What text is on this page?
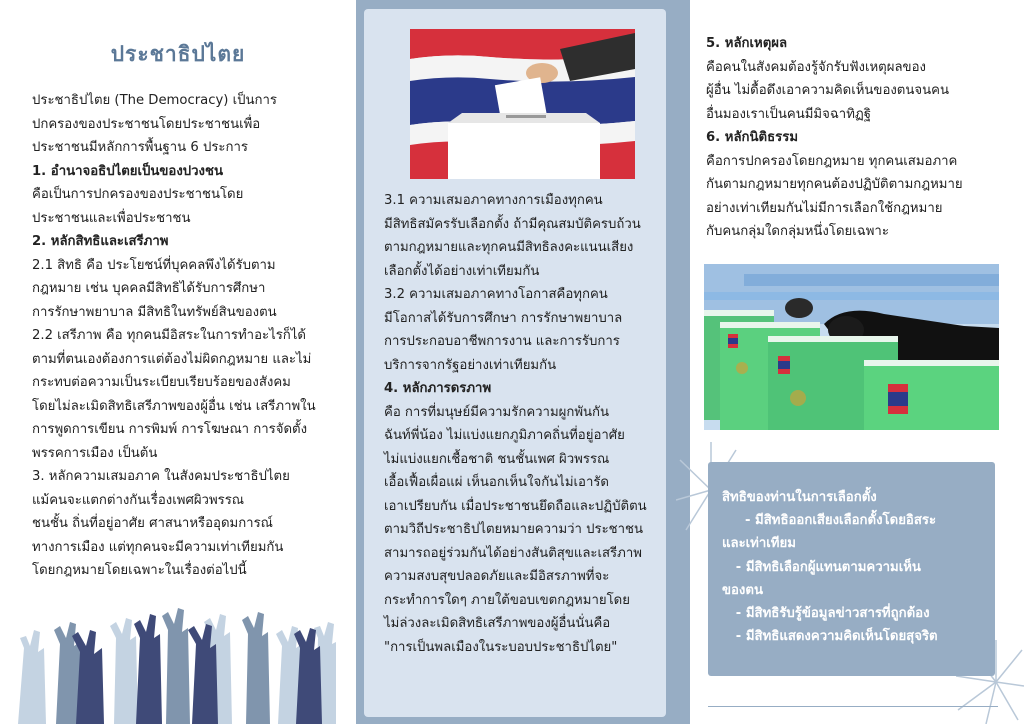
ประชาธิปไตย
ประชาธิปไตย (The Democracy) เป็นการ
ปกครองของประชาชนโดยประชาชนเพื่อ
ประชาชนมีหลักการพื้นฐาน 6 ประการ
1. อำนาจอธิปไตยเป็นของปวงชน
คือเป็นการปกครองของประชาชนโดย
ประชาชนและเพื่อประชาชน
2. หลักสิทธิและเสรีภาพ
2.1 สิทธิ คือ ประโยชน์ที่บุคคลพึงได้รับตาม
กฎหมาย เช่น บุคคลมีสิทธิได้รับการศึกษา
การรักษาพยาบาล มีสิทธิในทรัพย์สินของตน
2.2 เสรีภาพ คือ ทุกคนมีอิสระในการทำอะไรก็ได้
ตามที่ตนเองต้องการแต่ต้องไม่ผิดกฎหมาย และไม่
กระทบต่อความเป็นระเบียบเรียบร้อยของสังคม
โดยไม่ละเมิดสิทธิเสรีภาพของผู้อื่น เช่น เสรีภาพใน
การพูดการเขียน การพิมพ์ การโฆษณา การจัดตั้ง
พรรคการเมือง เป็นต้น
3. หลักความเสมอภาค ในสังคมประชาธิปไตย
แม้คนจะแตกต่างกันเรื่องเพศผิวพรรณ
ชนชั้น ถิ่นที่อยู่อาศัย ศาสนาหรืออุดมการณ์
ทางการเมือง แต่ทุกคนจะมีความเท่าเทียมกัน
โดยกฎหมายโดยเฉพาะในเรื่องต่อไปนี้
3.1 ความเสมอภาคทางการเมืองทุกคน
มีสิทธิสมัครรับเลือกตั้ง ถ้ามีคุณสมบัติครบถ้วน
ตามกฎหมายและทุกคนมีสิทธิลงคะแนนเสียง
เลือกตั้งได้อย่างเท่าเทียมกัน
3.2 ความเสมอภาคทางโอกาสคือทุกคน
มีโอกาสได้รับการศึกษา การรักษาพยาบาล
การประกอบอาชีพการงาน และการรับการ
บริการจากรัฐอย่างเท่าเทียมกัน
4. หลักภารดรภาพ
คือ การที่มนุษย์มีความรักความผูกพันกัน
ฉันท์พี่น้อง ไม่แบ่งแยกภูมิภาคถิ่นที่อยู่อาศัย
ไม่แบ่งแยกเชื้อชาติ ชนชั้นเพศ ผิวพรรณ
เอื้อเฟื้อเผื่อแผ่ เห็นอกเห็นใจกันไม่เอารัด
เอาเปรียบกัน เมื่อประชาชนยึดถือและปฏิบัติตน
ตามวิถีประชาธิปไตยหมายความว่า ประชาชน
สามารถอยู่ร่วมกันได้อย่างสันติสุขและเสรีภาพ
ความสงบสุขปลอดภัยและมีอิสรภาพที่จะ
กระทำการใดๆ ภายใต้ขอบเขตกฎหมายโดย
ไม่ล่วงละเมิดสิทธิเสรีภาพของผู้อื่นนั่นคือ
"การเป็นพลเมืองในระบอบประชาธิปไตย"
5. หลักเหตุผล
คือคนในสังคมต้องรู้จักรับฟังเหตุผลของ
ผู้อื่น ไม่ดื้อดึงเอาความคิดเห็นของตนจนคน
อื่นมองเราเป็นคนมีมิจฉาทิฏฐิ
6. หลักนิติธรรม
คือการปกครองโดยกฎหมาย ทุกคนเสมอภาค
กันตามกฎหมายทุกคนต้องปฏิบัติตามกฎหมาย
อย่างเท่าเทียมกันไม่มีการเลือกใช้กฎหมาย
กับคนกลุ่มใดกลุ่มหนึ่งโดยเฉพาะ
สิทธิของท่านในการเลือกตั้ง
- มีสิทธิออกเสียงเลือกตั้งโดยอิสระ
และเท่าเทียม
- มีสิทธิเลือกผู้แทนตามความเห็น
ของตน
- มีสิทธิรับรู้ข้อมูลข่าวสารที่ถูกต้อง
- มีสิทธิแสดงความคิดเห็นโดยสุจริต
